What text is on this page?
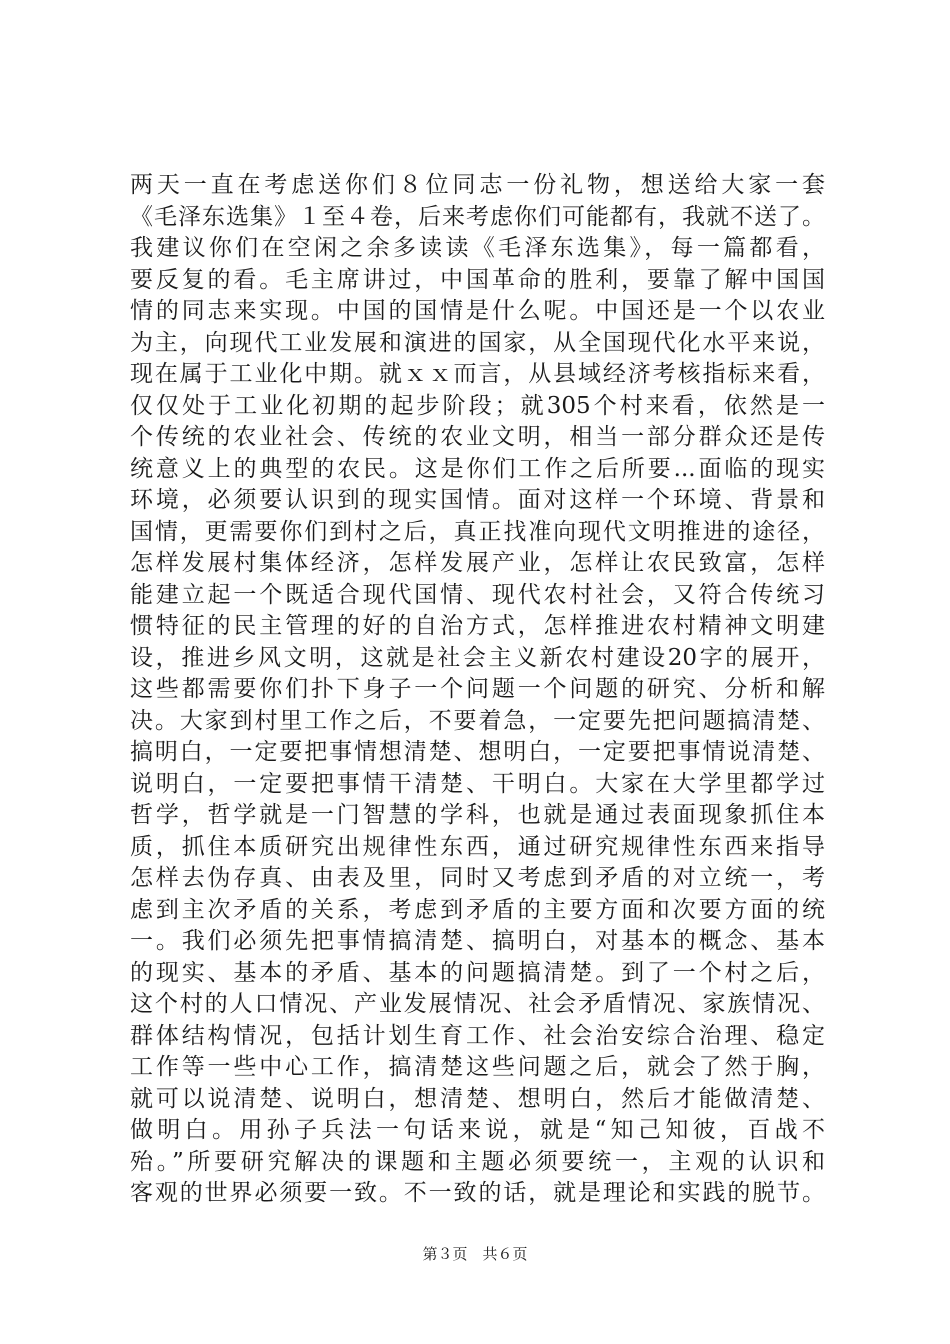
两天一直在考虑送你们８位同志一份礼物，想送给大家一套
《毛泽东选集》１至４卷，后来考虑你们可能都有，我就不送了。
我建议你们在空闲之余多读读《毛泽东选集》，每一篇都看，
要反复的看。毛主席讲过，中国革命的胜利，要靠了解中国国
情的同志来实现。中国的国情是什么呢。中国还是一个以农业
为主，向现代工业发展和演进的国家，从全国现代化水平来说，
现在属于工业化中期。就ｘｘ而言，从县域经济考核指标来看，
仅仅处于工业化初期的起步阶段；就305个村来看，依然是一
个传统的农业社会、传统的农业文明，相当一部分群众还是传
统意义上的典型的农民。这是你们工作之后所要...面临的现实
环境，必须要认识到的现实国情。面对这样一个环境、背景和
国情，更需要你们到村之后，真正找准向现代文明推进的途径，
怎样发展村集体经济，怎样发展产业，怎样让农民致富，怎样
能建立起一个既适合现代国情、现代农村社会，又符合传统习
惯特征的民主管理的好的自治方式，怎样推进农村精神文明建
设，推进乡风文明，这就是社会主义新农村建设20字的展开，
这些都需要你们扑下身子一个问题一个问题的研究、分析和解
决。大家到村里工作之后，不要着急，一定要先把问题搞清楚、
搞明白，一定要把事情想清楚、想明白，一定要把事情说清楚、
说明白，一定要把事情干清楚、干明白。大家在大学里都学过
哲学，哲学就是一门智慧的学科，也就是通过表面现象抓住本
质，抓住本质研究出规律性东西，通过研究规律性东西来指导
怎样去伪存真、由表及里，同时又考虑到矛盾的对立统一，考
虑到主次矛盾的关系，考虑到矛盾的主要方面和次要方面的统
一。我们必须先把事情搞清楚、搞明白，对基本的概念、基本
的现实、基本的矛盾、基本的问题搞清楚。到了一个村之后，
这个村的人口情况、产业发展情况、社会矛盾情况、家族情况、
群体结构情况，包括计划生育工作、社会治安综合治理、稳定
工作等一些中心工作，搞清楚这些问题之后，就会了然于胸，
就可以说清楚、说明白，想清楚、想明白，然后才能做清楚、
做明白。用孙子兵法一句话来说，就是“知己知彼，百战不
殆。”所要研究解决的课题和主题必须要统一，主观的认识和
客观的世界必须要一致。不一致的话，就是理论和实践的脱节。
第３页　共６页
